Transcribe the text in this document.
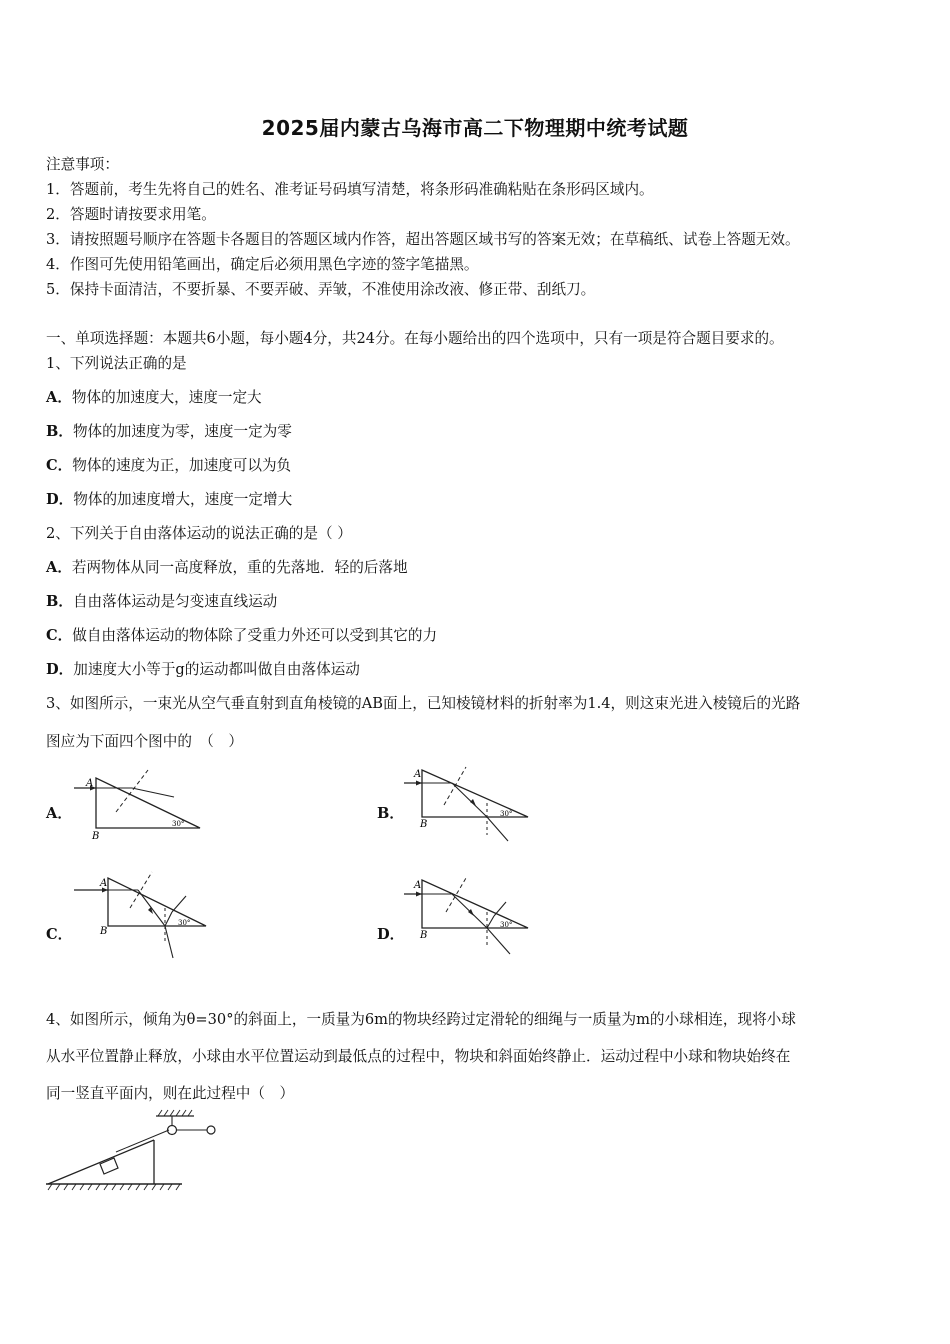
2025届内蒙古乌海市高二下物理期中统考试题
注意事项：
1．答题前，考生先将自己的姓名、准考证号码填写清楚，将条形码准确粘贴在条形码区域内。
2．答题时请按要求用笔。
3．请按照题号顺序在答题卡各题目的答题区域内作答，超出答题区域书写的答案无效；在草稿纸、试卷上答题无效。
4．作图可先使用铅笔画出，确定后必须用黑色字迹的签字笔描黑。
5．保持卡面清洁，不要折暴、不要弄破、弄皱，不准使用涂改液、修正带、刮纸刀。
一、单项选择题：本题共6小题，每小题4分，共24分。在每小题给出的四个选项中，只有一项是符合题目要求的。
1、下列说法正确的是
A．物体的加速度大，速度一定大
B．物体的加速度为零，速度一定为零
C．物体的速度为正，加速度可以为负
D．物体的加速度增大，速度一定增大
2、下列关于自由落体运动的说法正确的是（ ）
A．若两物体从同一高度释放，重的先落地．轻的后落地
B．自由落体运动是匀变速直线运动
C．做自由落体运动的物体除了受重力外还可以受到其它的力
D．加速度大小等于g的运动都叫做自由落体运动
3、如图所示，一束光从空气垂直射到直角棱镜的AB面上，已知棱镜材料的折射率为1.4，则这束光进入棱镜后的光路
图应为下面四个图中的　（　）
A．
A
B
30°
B．
A
B
30°
C．
A
B
30°
D．
A
B
30°
4、如图所示，倾角为θ=30°的斜面上，一质量为6m的物块经跨过定滑轮的细绳与一质量为m的小球相连，现将小球
从水平位置静止释放，小球由水平位置运动到最低点的过程中，物块和斜面始终静止．运动过程中小球和物块始终在
同一竖直平面内，则在此过程中（　）
